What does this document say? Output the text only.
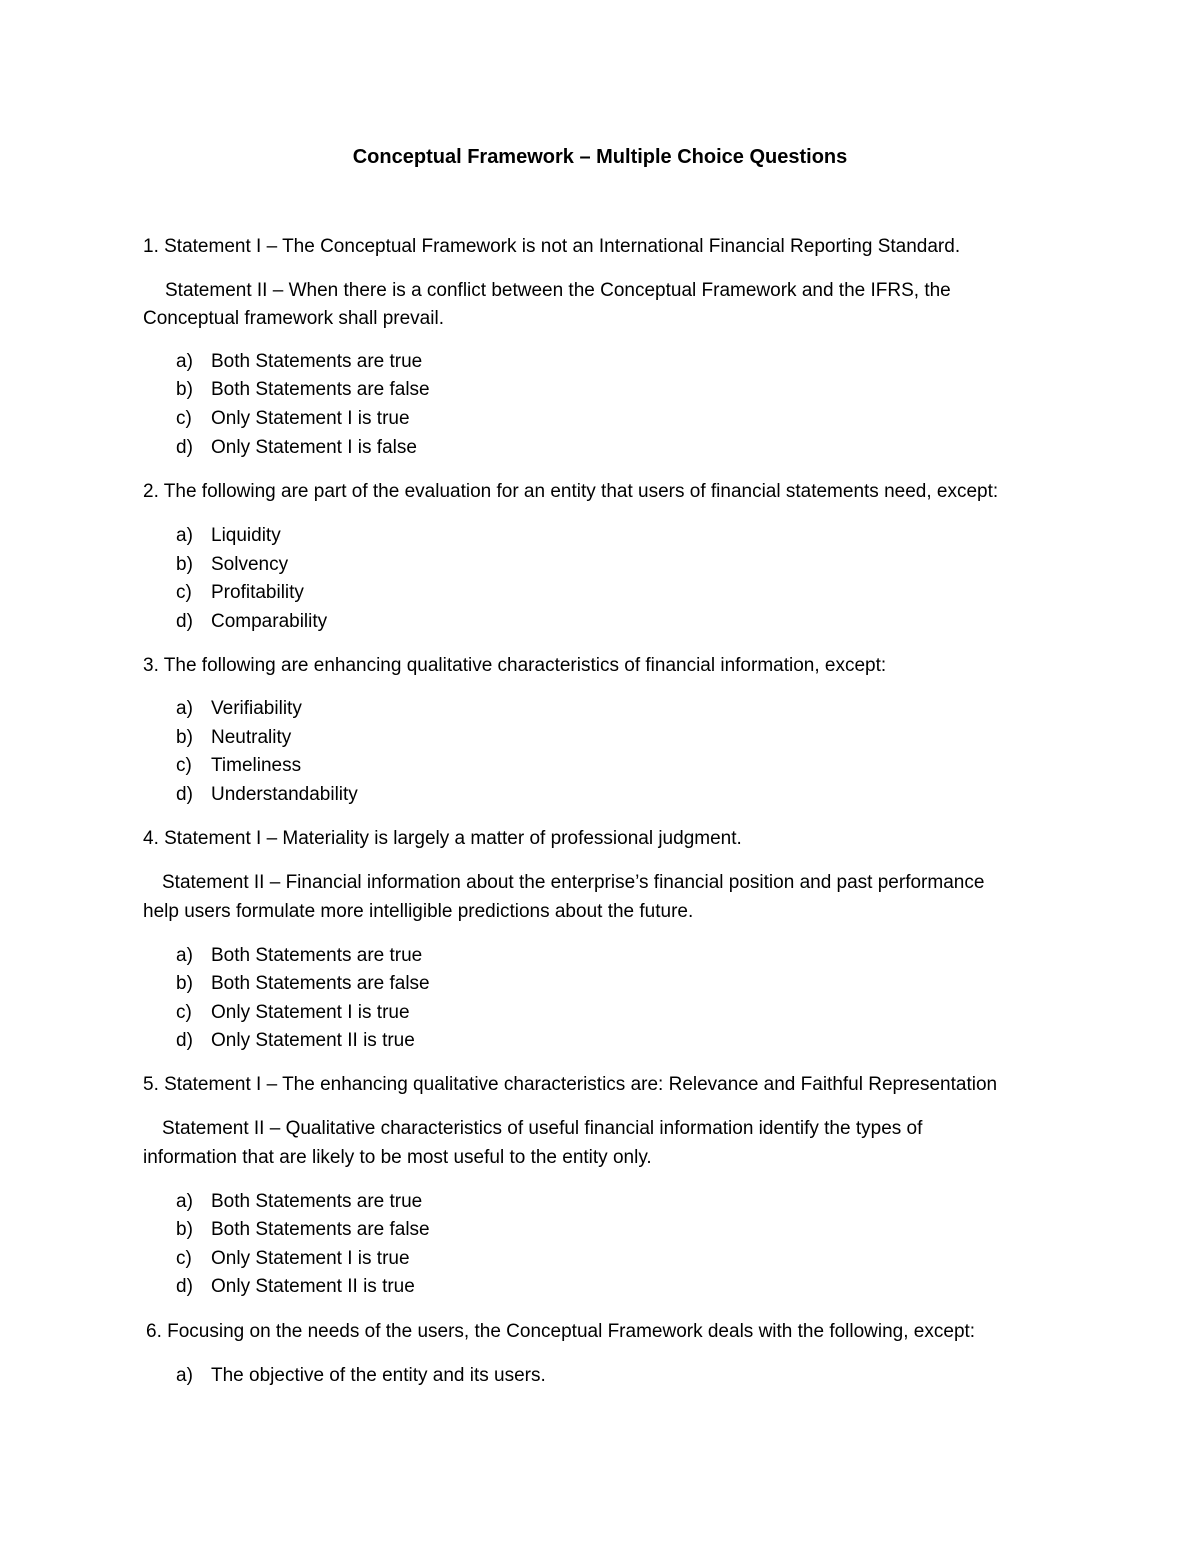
Conceptual Framework – Multiple Choice Questions
1. Statement I – The Conceptual Framework is not an International Financial Reporting Standard.
Statement II – When there is a conflict between the Conceptual Framework and the IFRS, the
Conceptual framework shall prevail.
a) Both Statements are true
b) Both Statements are false
c) Only Statement I is true
d) Only Statement I is false
2. The following are part of the evaluation for an entity that users of financial statements need, except:
a) Liquidity
b) Solvency
c) Profitability
d) Comparability
3. The following are enhancing qualitative characteristics of financial information, except:
a) Verifiability
b) Neutrality
c) Timeliness
d) Understandability
4. Statement I – Materiality is largely a matter of professional judgment.
Statement II – Financial information about the enterprise’s financial position and past performance
help users formulate more intelligible predictions about the future.
a) Both Statements are true
b) Both Statements are false
c) Only Statement I is true
d) Only Statement II is true
5. Statement I – The enhancing qualitative characteristics are: Relevance and Faithful Representation
Statement II – Qualitative characteristics of useful financial information identify the types of
information that are likely to be most useful to the entity only.
a) Both Statements are true
b) Both Statements are false
c) Only Statement I is true
d) Only Statement II is true
6. Focusing on the needs of the users, the Conceptual Framework deals with the following, except:
a) The objective of the entity and its users.
